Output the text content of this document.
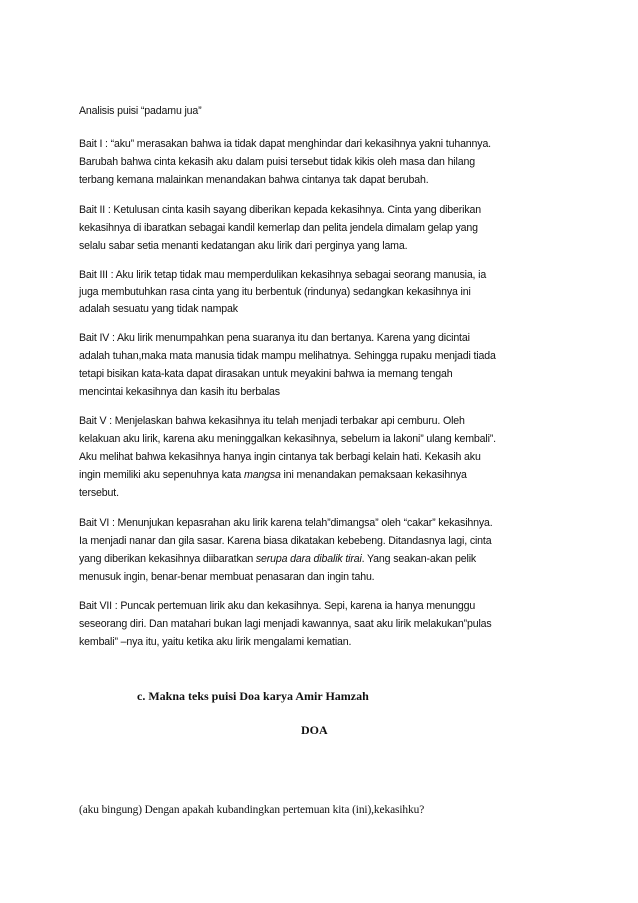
Analisis puisi “padamu jua”
Bait I : “aku” merasakan bahwa ia tidak dapat menghindar dari kekasihnya yakni tuhannya.
Barubah bahwa cinta kekasih aku dalam puisi tersebut tidak kikis oleh masa dan hilang
terbang kemana malainkan menandakan bahwa cintanya tak dapat berubah.
Bait II : Ketulusan cinta kasih sayang diberikan kepada kekasihnya. Cinta yang diberikan
kekasihnya di ibaratkan sebagai kandil kemerlap dan pelita jendela dimalam gelap yang
selalu sabar setia menanti kedatangan aku lirik dari perginya yang lama.
Bait III : Aku lirik tetap tidak mau memperdulikan kekasihnya sebagai seorang manusia, ia
juga membutuhkan rasa cinta yang itu berbentuk (rindunya) sedangkan kekasihnya ini
adalah sesuatu yang tidak nampak
Bait IV : Aku lirik menumpahkan pena suaranya itu dan bertanya. Karena yang dicintai
adalah tuhan,maka mata manusia tidak mampu melihatnya. Sehingga rupaku menjadi tiada
tetapi bisikan kata-kata dapat dirasakan untuk meyakini bahwa ia memang tengah
mencintai kekasihnya dan kasih itu berbalas
Bait V : Menjelaskan bahwa kekasihnya itu telah menjadi terbakar api cemburu. Oleh
kelakuan aku lirik, karena aku meninggalkan kekasihnya, sebelum ia lakoni” ulang kembali”.
Aku melihat bahwa kekasihnya hanya ingin cintanya tak berbagi kelain hati. Kekasih aku
ingin memiliki aku sepenuhnya kata mangsa ini menandakan pemaksaan kekasihnya
tersebut.
Bait VI : Menunjukan kepasrahan aku lirik karena telah”dimangsa” oleh “cakar” kekasihnya.
Ia menjadi nanar dan gila sasar. Karena biasa dikatakan kebebeng. Ditandasnya lagi, cinta
yang diberikan kekasihnya diibaratkan serupa dara dibalik tirai. Yang seakan-akan pelik
menusuk ingin, benar-benar membuat penasaran dan ingin tahu.
Bait VII : Puncak pertemuan lirik aku dan kekasihnya. Sepi, karena ia hanya menunggu
seseorang diri. Dan matahari bukan lagi menjadi kawannya, saat aku lirik melakukan”pulas
kembali” –nya itu, yaitu ketika aku lirik mengalami kematian.
c. Makna teks puisi Doa karya Amir Hamzah
DOA
(aku bingung) Dengan apakah kubandingkan pertemuan kita (ini),kekasihku?
